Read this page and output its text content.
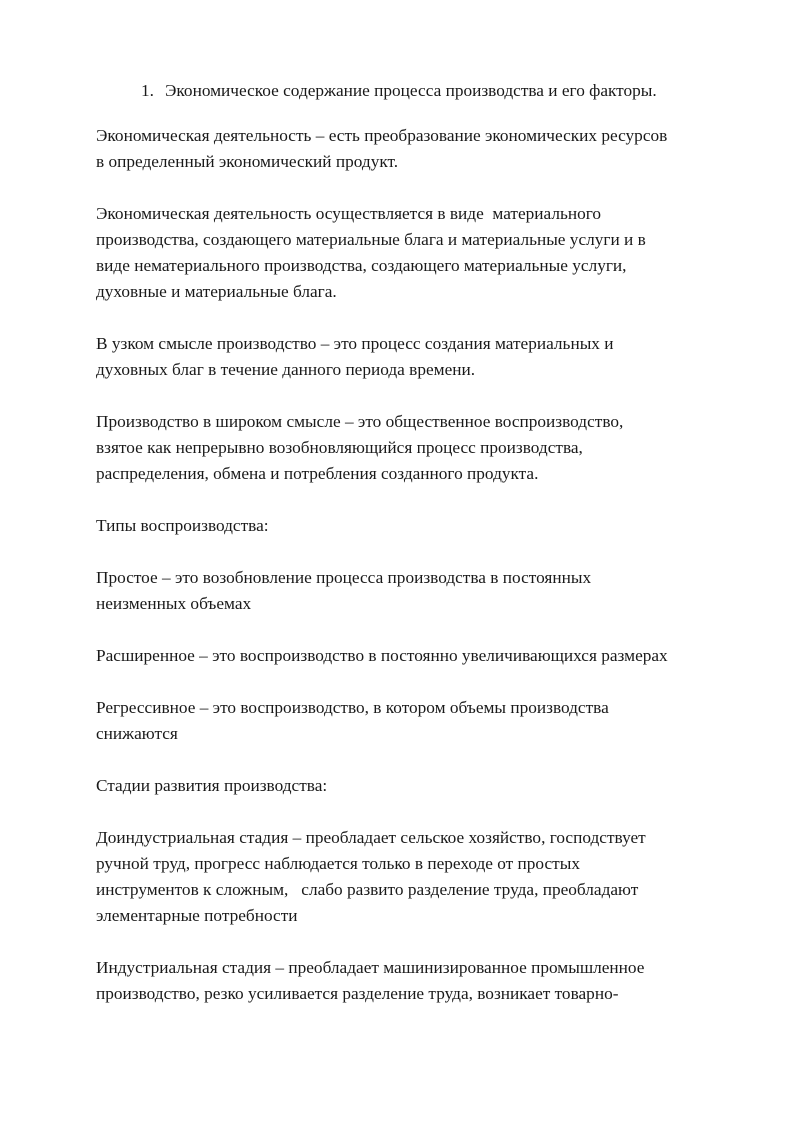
1. Экономическое содержание процесса производства и его факторы.

Экономическая деятельность – есть преобразование экономических ресурсов
в определенный экономический продукт.

Экономическая деятельность осуществляется в виде  материального
производства, создающего материальные блага и материальные услуги и в
виде нематериального производства, создающего материальные услуги,
духовные и материальные блага.

В узком смысле производство – это процесс создания материальных и
духовных благ в течение данного периода времени.

Производство в широком смысле – это общественное воспроизводство,
взятое как непрерывно возобновляющийся процесс производства,
распределения, обмена и потребления созданного продукта.

Типы воспроизводства:

Простое – это возобновление процесса производства в постоянных
неизменных объемах

Расширенное – это воспроизводство в постоянно увеличивающихся размерах

Регрессивное – это воспроизводство, в котором объемы производства
снижаются

Стадии развития производства:

Доиндустриальная стадия – преобладает сельское хозяйство, господствует
ручной труд, прогресс наблюдается только в переходе от простых
инструментов к сложным,   слабо развито разделение труда, преобладают
элементарные потребности

Индустриальная стадия – преобладает машинизированное промышленное
производство, резко усиливается разделение труда, возникает товарно-
